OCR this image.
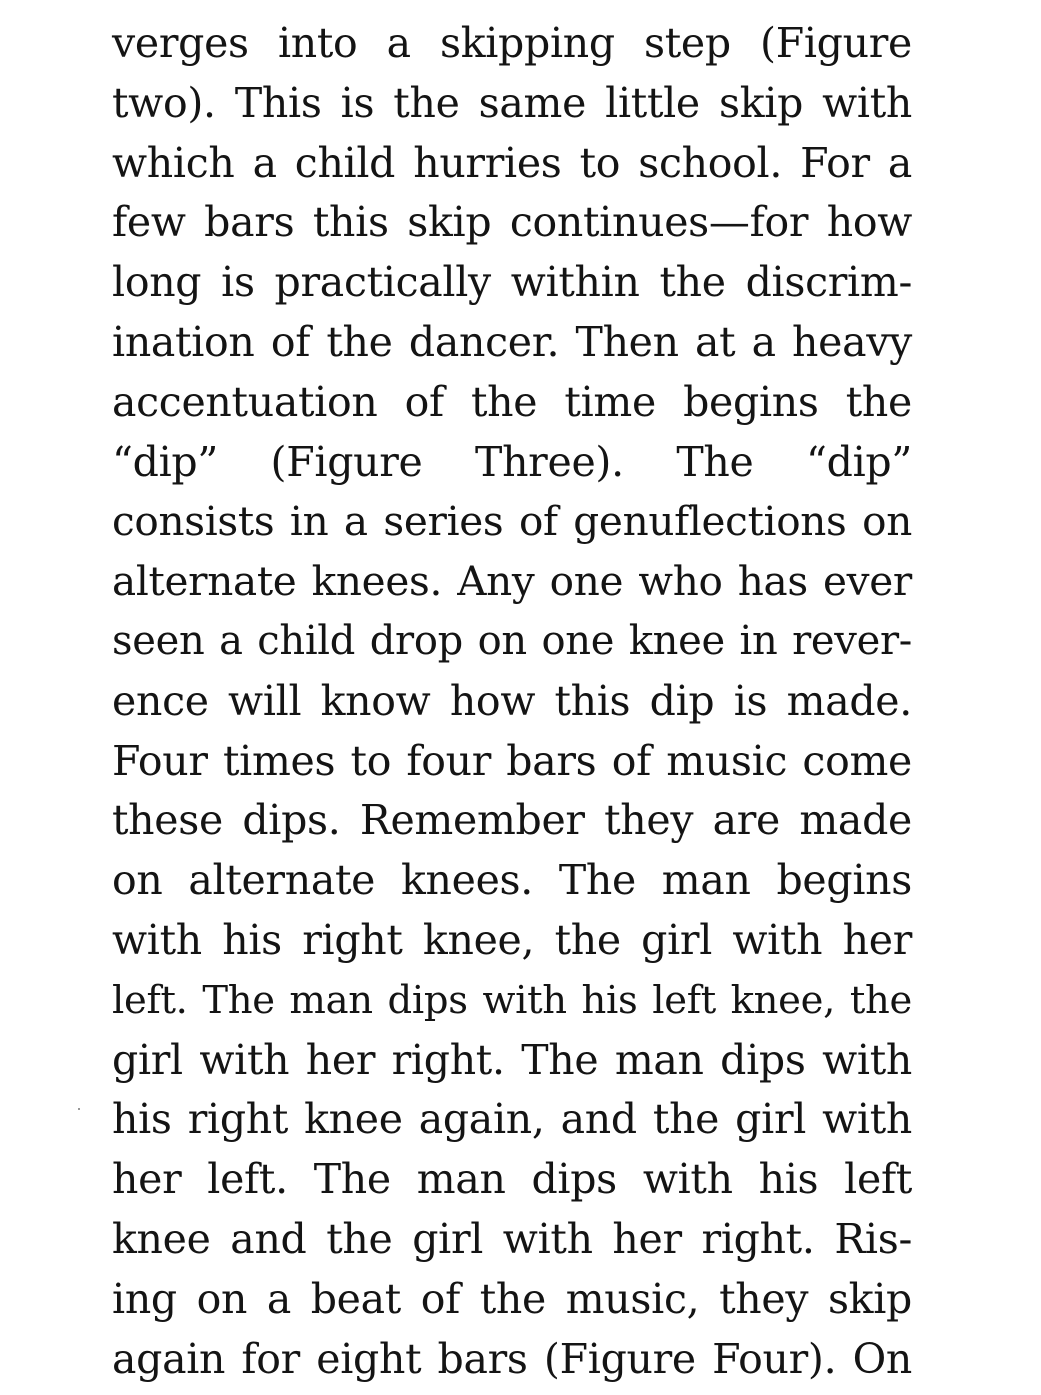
verges into a skipping step (Figure
two). This is the same little skip with
which a child hurries to school. For a
few bars this skip continues—for how
long is practically within the discrim-
ination of the dancer. Then at a heavy
accentuation of the time begins the
“dip” (Figure Three). The “dip”
consists in a series of genuflections on
alternate knees. Any one who has ever
seen a child drop on one knee in rever-
ence will know how this dip is made.
Four times to four bars of music come
these dips. Remember they are made
on alternate knees. The man begins
with his right knee, the girl with her
left. The man dips with his left knee, the
girl with her right. The man dips with
his right knee again, and the girl with
her left. The man dips with his left
knee and the girl with her right. Ris-
ing on a beat of the music, they skip
again for eight bars (Figure Four). On
